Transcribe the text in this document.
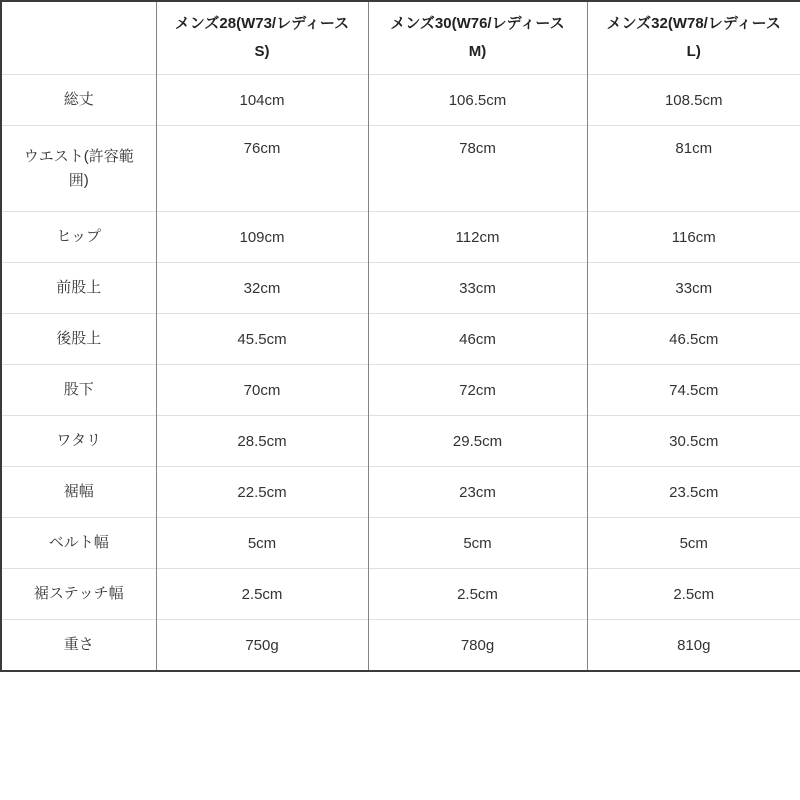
	メンズ28(W73/レディースS)	メンズ30(W76/レディースM)	メンズ32(W78/レディースL)
総丈	104cm	106.5cm	108.5cm
ウエスト(許容範囲)	76cm	78cm	81cm
ヒップ	109cm	112cm	116cm
前股上	32cm	33cm	33cm
後股上	45.5cm	46cm	46.5cm
股下	70cm	72cm	74.5cm
ワタリ	28.5cm	29.5cm	30.5cm
裾幅	22.5cm	23cm	23.5cm
ベルト幅	5cm	5cm	5cm
裾ステッチ幅	2.5cm	2.5cm	2.5cm
重さ	750g	780g	810g
